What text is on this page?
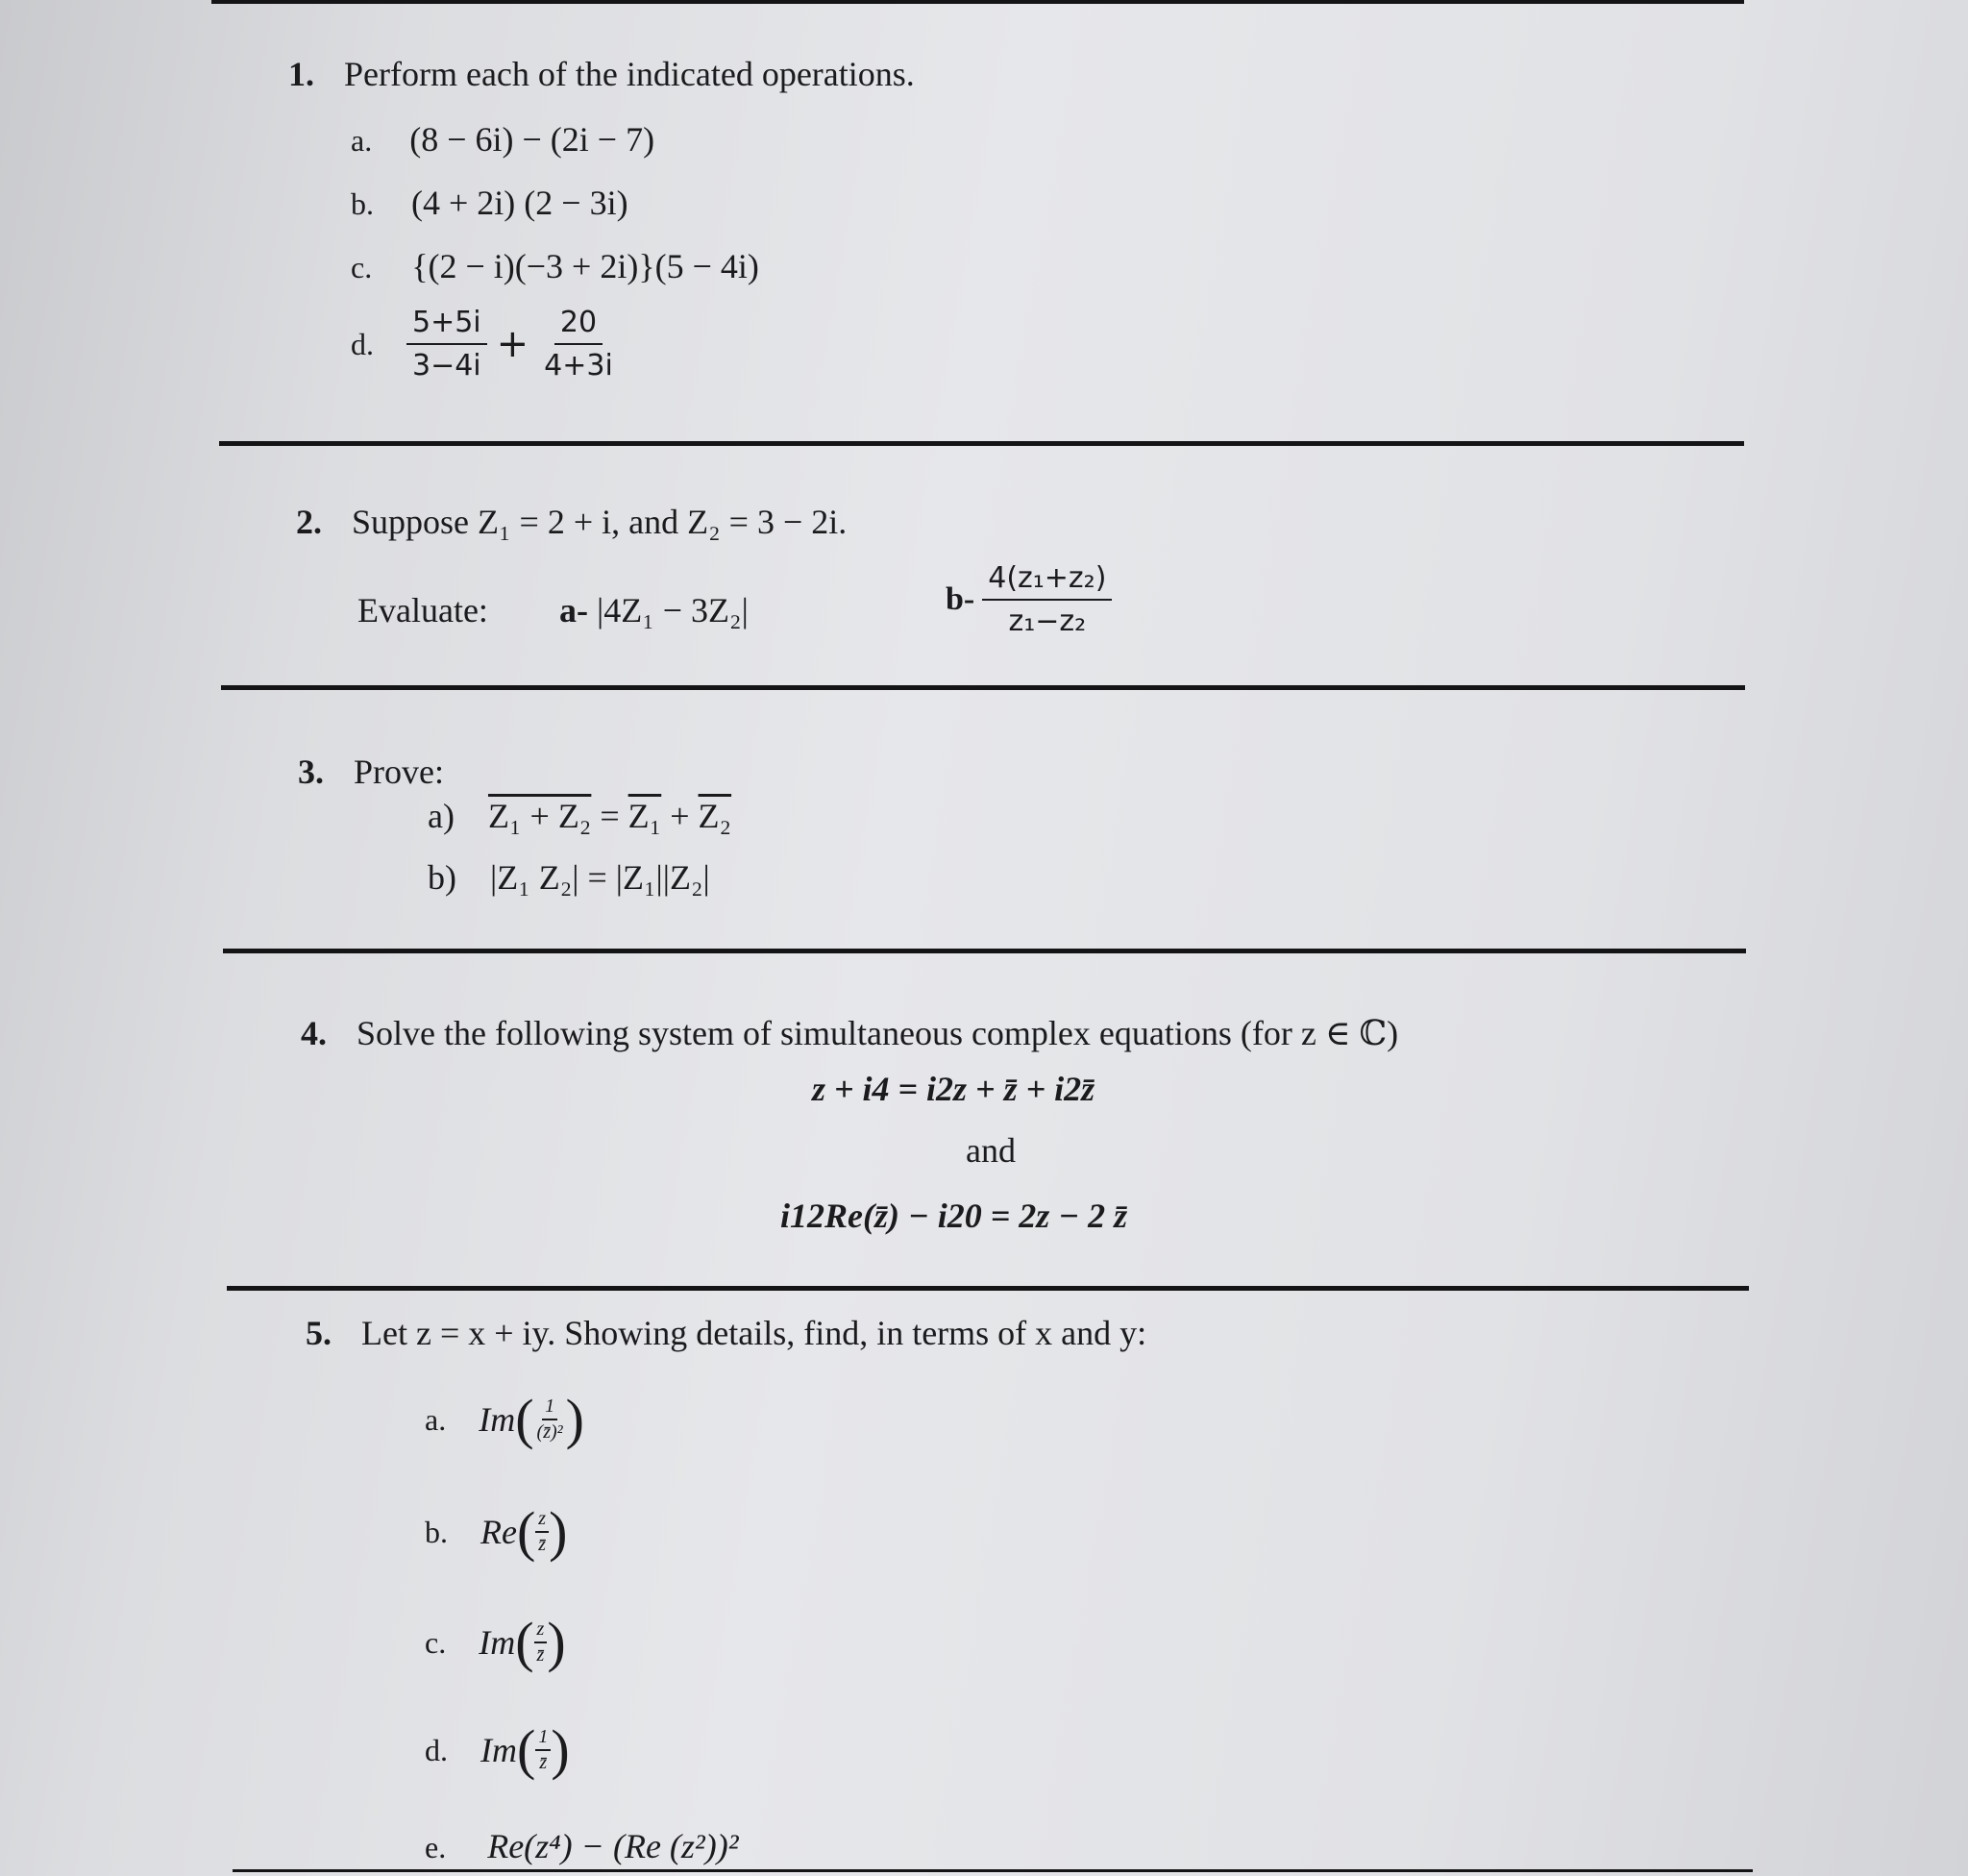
1. Perform each of the indicated operations.
a. (8 − 6i) − (2i − 7)
b. (4 + 2i) (2 − 3i)
c. {(2 − i)(−3 + 2i)}(5 − 4i)
d. $\frac{5+5i}{3-4i} + \frac{20}{4+3i}$
2. Suppose Z₁ = 2 + i, and Z₂ = 3 − 2i.
Evaluate: a- |4Z₁ − 3Z₂|	$b- \frac{\text{4(z₁+z₂)}}{\text{z₁−z₂}}$
3. Prove:
a) Z₁ + Z₂ = Z₁ + Z₂
b) |Z₁ Z₂| = |Z₁||Z₂|
4. Solve the following system of simultaneous complex equations (for z ∈ ℂ)
z + i4 = i2z + z̄ + i2z̄
and
i12Re(z̄) − i20 = 2z − 2 z̄
5. Let z = x + iy. Showing details, find, in terms of x and y:
a. Im ( $\frac{1}{\text{(z̄)²}}$ )
b. Re ( $\frac{z}{z̄}$ )
c. Im ( $\frac{z}{z̄}$ )
d. Im ( $\frac{1}{z̄}$ )
e. Re(z⁴) − (Re (z²))²
